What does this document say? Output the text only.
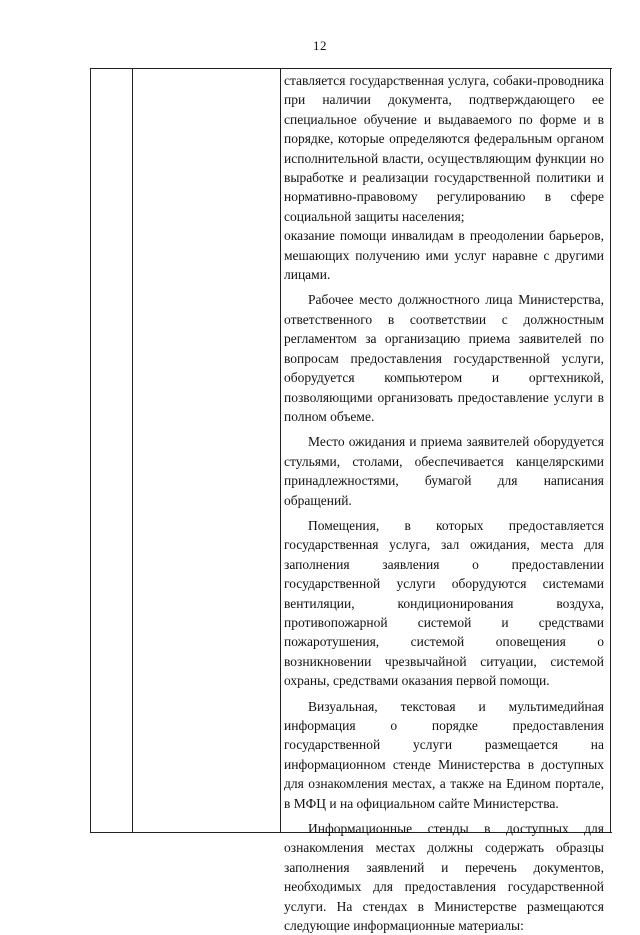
12

ставляется государственная услуга, собаки-проводника при наличии документа, подтверждающего ее специальное обучение и выдаваемого по форме и в порядке, которые определяются федеральным органом исполнительной власти, осуществляющим функции но выработке и реализации государственной политики и нормативно-правовому регулированию в сфере социальной защиты населения;

оказание помощи инвалидам в преодолении барьеров, мешающих получению ими услуг наравне с другими лицами.

Рабочее место должностного лица Министерства, ответственного в соответствии с должностным регламентом за организацию приема заявителей по вопросам предоставления государственной услуги, оборудуется компьютером и оргтехникой, позволяющими организовать предоставление услуги в полном объеме.

Место ожидания и приема заявителей оборудуется стульями, столами, обеспечивается канцелярскими принадлежностями, бумагой для написания обращений.

Помещения, в которых предоставляется государственная услуга, зал ожидания, места для заполнения заявления о предоставлении государственной услуги оборудуются системами вентиляции, кондиционирования воздуха, противопожарной системой и средствами пожаротушения, системой оповещения о возникновении чрезвычайной ситуации, системой охраны, средствами оказания первой помощи.

Визуальная, текстовая и мультимедийная информация о порядке предоставления государственной услуги размещается на информационном стенде Министерства в доступных для ознакомления местах, а также на Едином портале, в МФЦ и на официальном сайте Министерства.

Информационные стенды в доступных для ознакомления местах должны содержать образцы заполнения заявлений и перечень документов, необходимых для предоставления государственной услуги. На стендах в Министерстве размещаются следующие информационные материалы:
